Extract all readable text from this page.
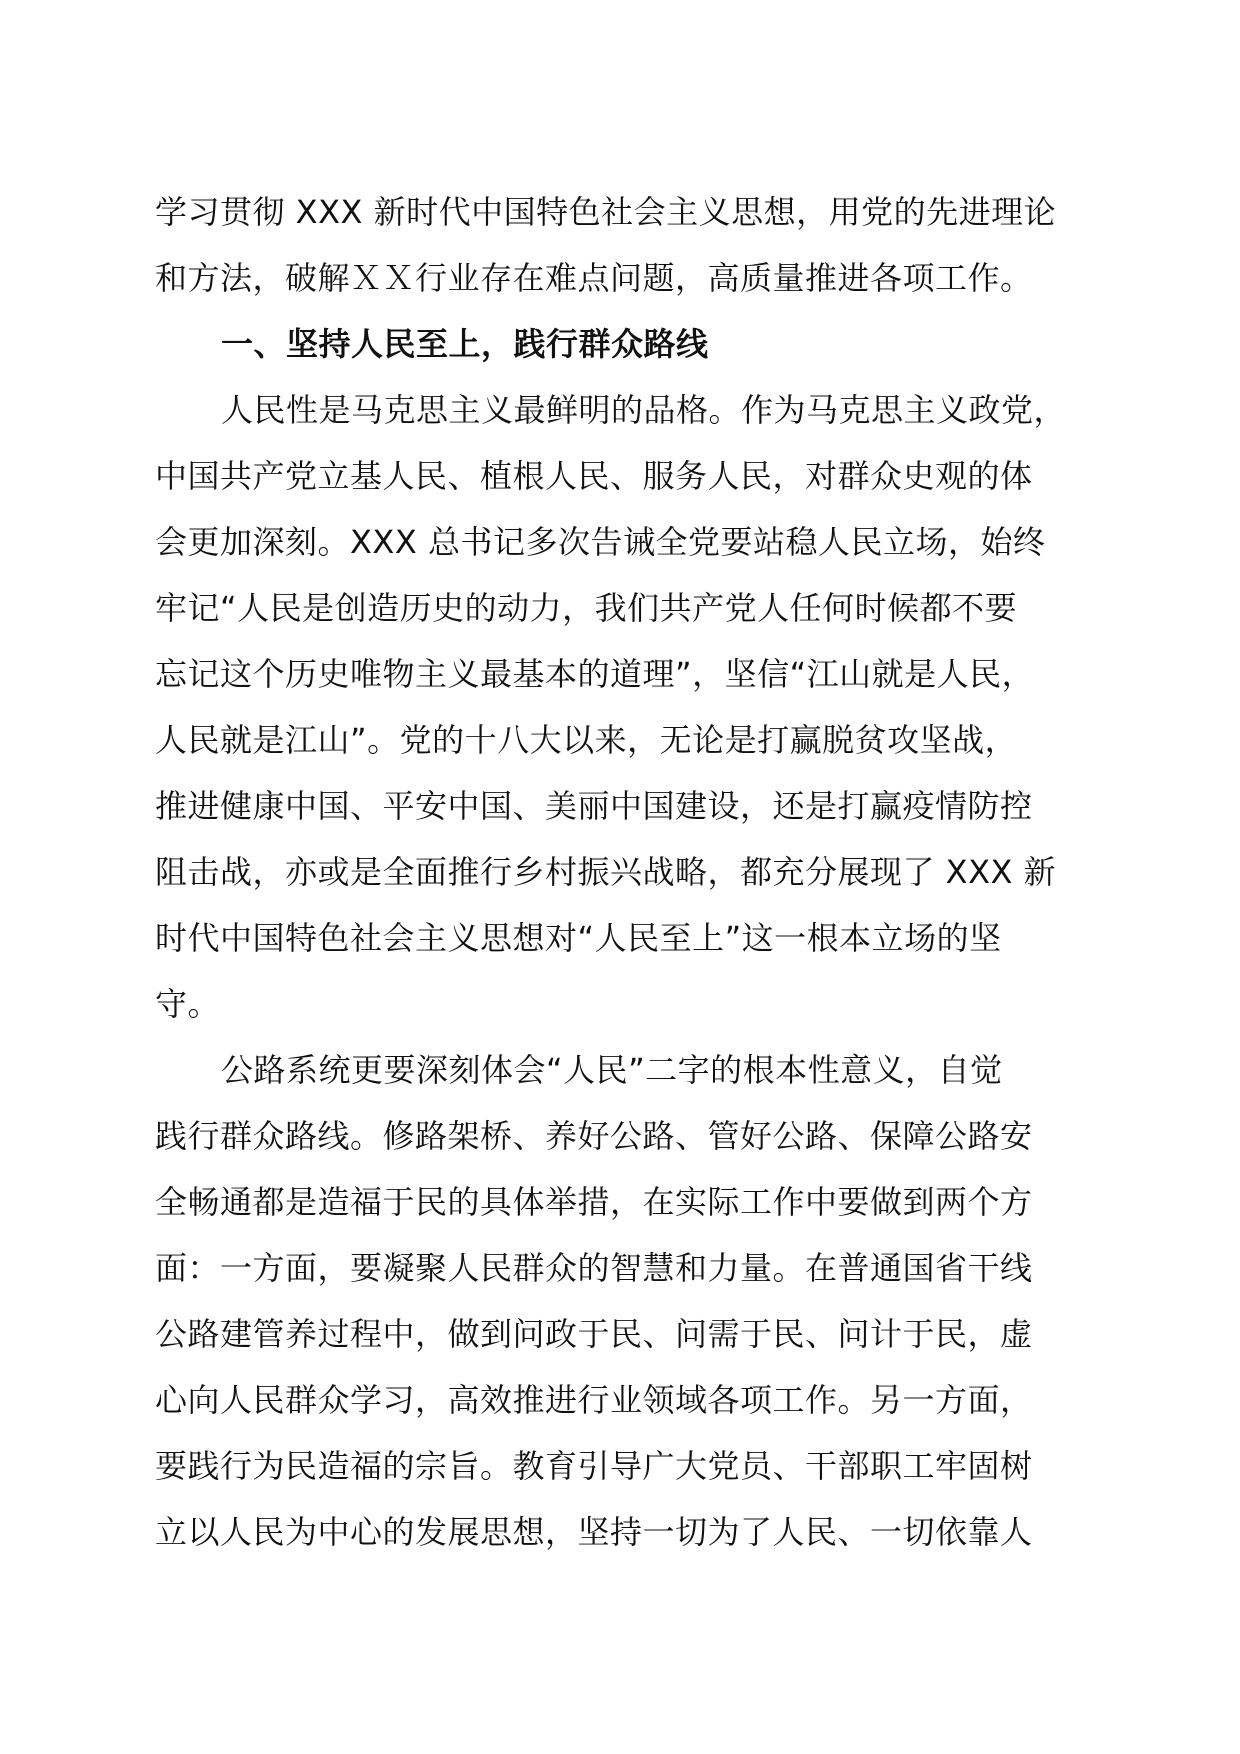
学习贯彻 XXX 新时代中国特色社会主义思想，用党的先进理论
和方法，破解ＸＸ行业存在难点问题，高质量推进各项工作。
一、坚持人民至上，践行群众路线
人民性是马克思主义最鲜明的品格。作为马克思主义政党，
中国共产党立基人民、植根人民、服务人民，对群众史观的体
会更加深刻。XXX 总书记多次告诫全党要站稳人民立场，始终
牢记“人民是创造历史的动力，我们共产党人任何时候都不要
忘记这个历史唯物主义最基本的道理”，坚信“江山就是人民，
人民就是江山”。党的十八大以来，无论是打赢脱贫攻坚战，
推进健康中国、平安中国、美丽中国建设，还是打赢疫情防控
阻击战，亦或是全面推行乡村振兴战略，都充分展现了 XXX 新
时代中国特色社会主义思想对“人民至上”这一根本立场的坚
守。
公路系统更要深刻体会“人民”二字的根本性意义，自觉
践行群众路线。修路架桥、养好公路、管好公路、保障公路安
全畅通都是造福于民的具体举措，在实际工作中要做到两个方
面：一方面，要凝聚人民群众的智慧和力量。在普通国省干线
公路建管养过程中，做到问政于民、问需于民、问计于民，虚
心向人民群众学习，高效推进行业领域各项工作。另一方面，
要践行为民造福的宗旨。教育引导广大党员、干部职工牢固树
立以人民为中心的发展思想，坚持一切为了人民、一切依靠人
